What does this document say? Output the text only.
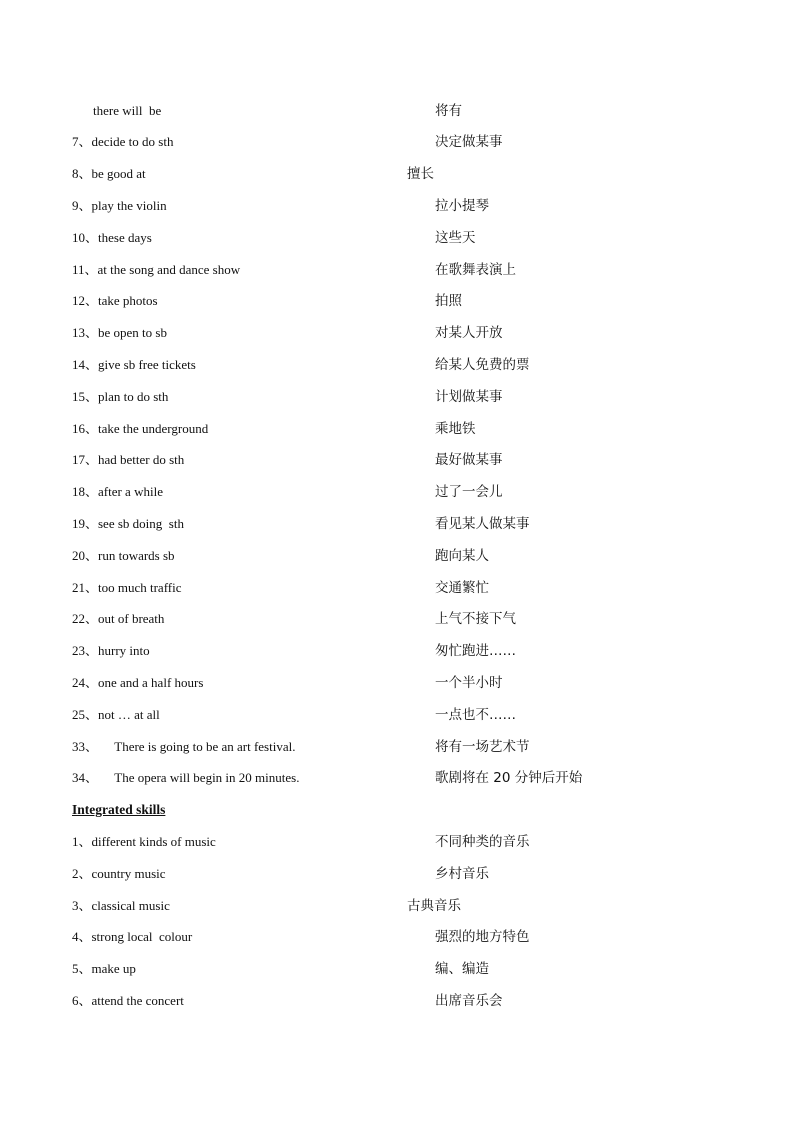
there will  be	将有
7、decide to do sth	决定做某事
8、be good at	擅长
9、play the violin	拉小提琴
10、these days	这些天
11、at the song and dance show	在歌舞表演上
12、take photos	拍照
13、be open to sb	对某人开放
14、give sb free tickets	给某人免费的票
15、plan to do sth	计划做某事
16、take the underground	乘地铁
17、had better do sth	最好做某事
18、after a while	过了一会儿
19、see sb doing  sth	看见某人做某事
20、run towards sb	跑向某人
21、too much traffic	交通繁忙
22、out of breath	上气不接下气
23、hurry into	匆忙跑进……
24、one and a half hours	一个半小时
25、not … at all	一点也不……
33、     There is going to be an art festival.	将有一场艺术节
34、     The opera will begin in 20 minutes.	歌剧将在 20 分钟后开始
Integrated skills
1、different kinds of music	不同种类的音乐
2、country music	乡村音乐
3、classical music	古典音乐
4、strong local  colour	强烈的地方特色
5、make up	编、编造
6、attend the concert	出席音乐会
